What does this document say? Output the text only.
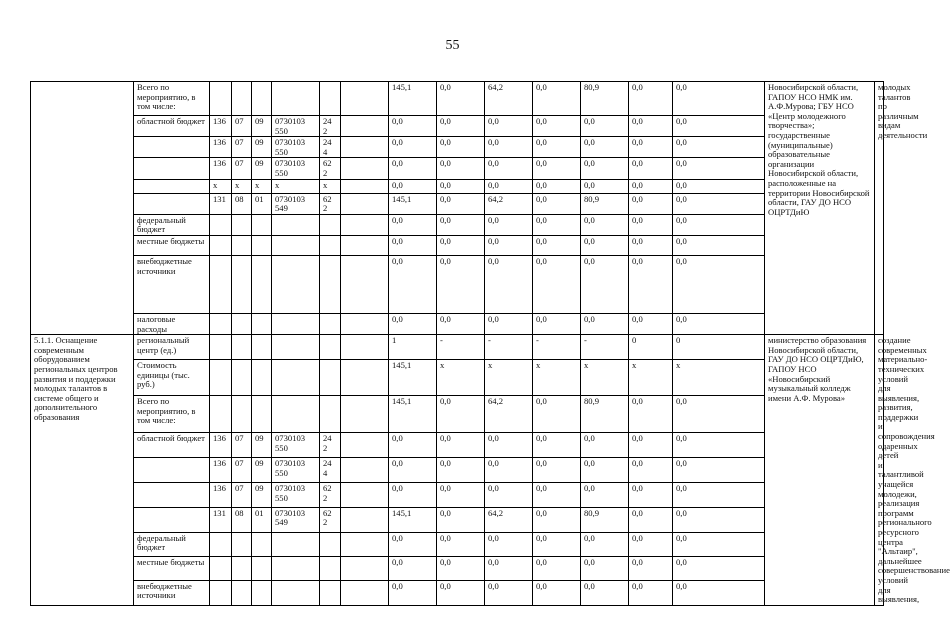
55
	Всего по мероприятию, в том числе:							145,1	0,0	64,2	0,0	80,9	0,0	0,0	Новосибирской области, ГАПОУ НСО НМК им. А.Ф.Мурова; ГБУ НСО «Центр молодежного творчества»; государственные (муниципальные) образовательные организации Новосибирской области, расположенные на территории Новосибирской области, ГАУ ДО НСО ОЦРТДиЮ	молодых талантов по различным видам деятельности
	областной бюджет	136	07	09	0730103 550	24 2		0,0	0,0	0,0	0,0	0,0	0,0	0,0		
		136	07	09	0730103 550	24 4		0,0	0,0	0,0	0,0	0,0	0,0	0,0		
		136	07	09	0730103 550	62 2		0,0	0,0	0,0	0,0	0,0	0,0	0,0		
		х	х	х	х	х		0,0	0,0	0,0	0,0	0,0	0,0	0,0		
		131	08	01	0730103 549	62 2		145,1	0,0	64,2	0,0	80,9	0,0	0,0		
	федеральный бюджет							0,0	0,0	0,0	0,0	0,0	0,0	0,0		
	местные бюджеты							0,0	0,0	0,0	0,0	0,0	0,0	0,0		
	внебюджетные источники							0,0	0,0	0,0	0,0	0,0	0,0	0,0		
	налоговые расходы							0,0	0,0	0,0	0,0	0,0	0,0	0,0		
5.1.1. Оснащение современным оборудованием региональных центров развития и поддержки молодых талантов в системе общего и дополнительного образования	региональный центр (ед.)							1	-	-	-	-	0	0	министерство образования Новосибирской области, ГАУ ДО НСО ОЦРТДиЮ, ГАПОУ НСО «Новосибирский музыкальный колледж имени А.Ф. Мурова»	создание современных материально-технических условий для выявления, развития, поддержки и сопровождения одаренных детей и талантливой учащейся молодежи, реализация программ регионального ресурсного центра "Альтаир", дальнейшее совершенствование условий для выявления,
	Стоимость единицы (тыс. руб.)							145,1	х	х	х	х	х	х		
	Всего по мероприятию, в том числе:							145,1	0,0	64,2	0,0	80,9	0,0	0,0		
	областной бюджет	136	07	09	0730103 550	24 2		0,0	0,0	0,0	0,0	0,0	0,0	0,0		
		136	07	09	0730103 550	24 4		0,0	0,0	0,0	0,0	0,0	0,0	0,0		
		136	07	09	0730103 550	62 2		0,0	0,0	0,0	0,0	0,0	0,0	0,0		
		131	08	01	0730103 549	62 2		145,1	0,0	64,2	0,0	80,9	0,0	0,0		
	федеральный бюджет							0,0	0,0	0,0	0,0	0,0	0,0	0,0		
	местные бюджеты							0,0	0,0	0,0	0,0	0,0	0,0	0,0		
	внебюджетные источники							0,0	0,0	0,0	0,0	0,0	0,0	0,0		
